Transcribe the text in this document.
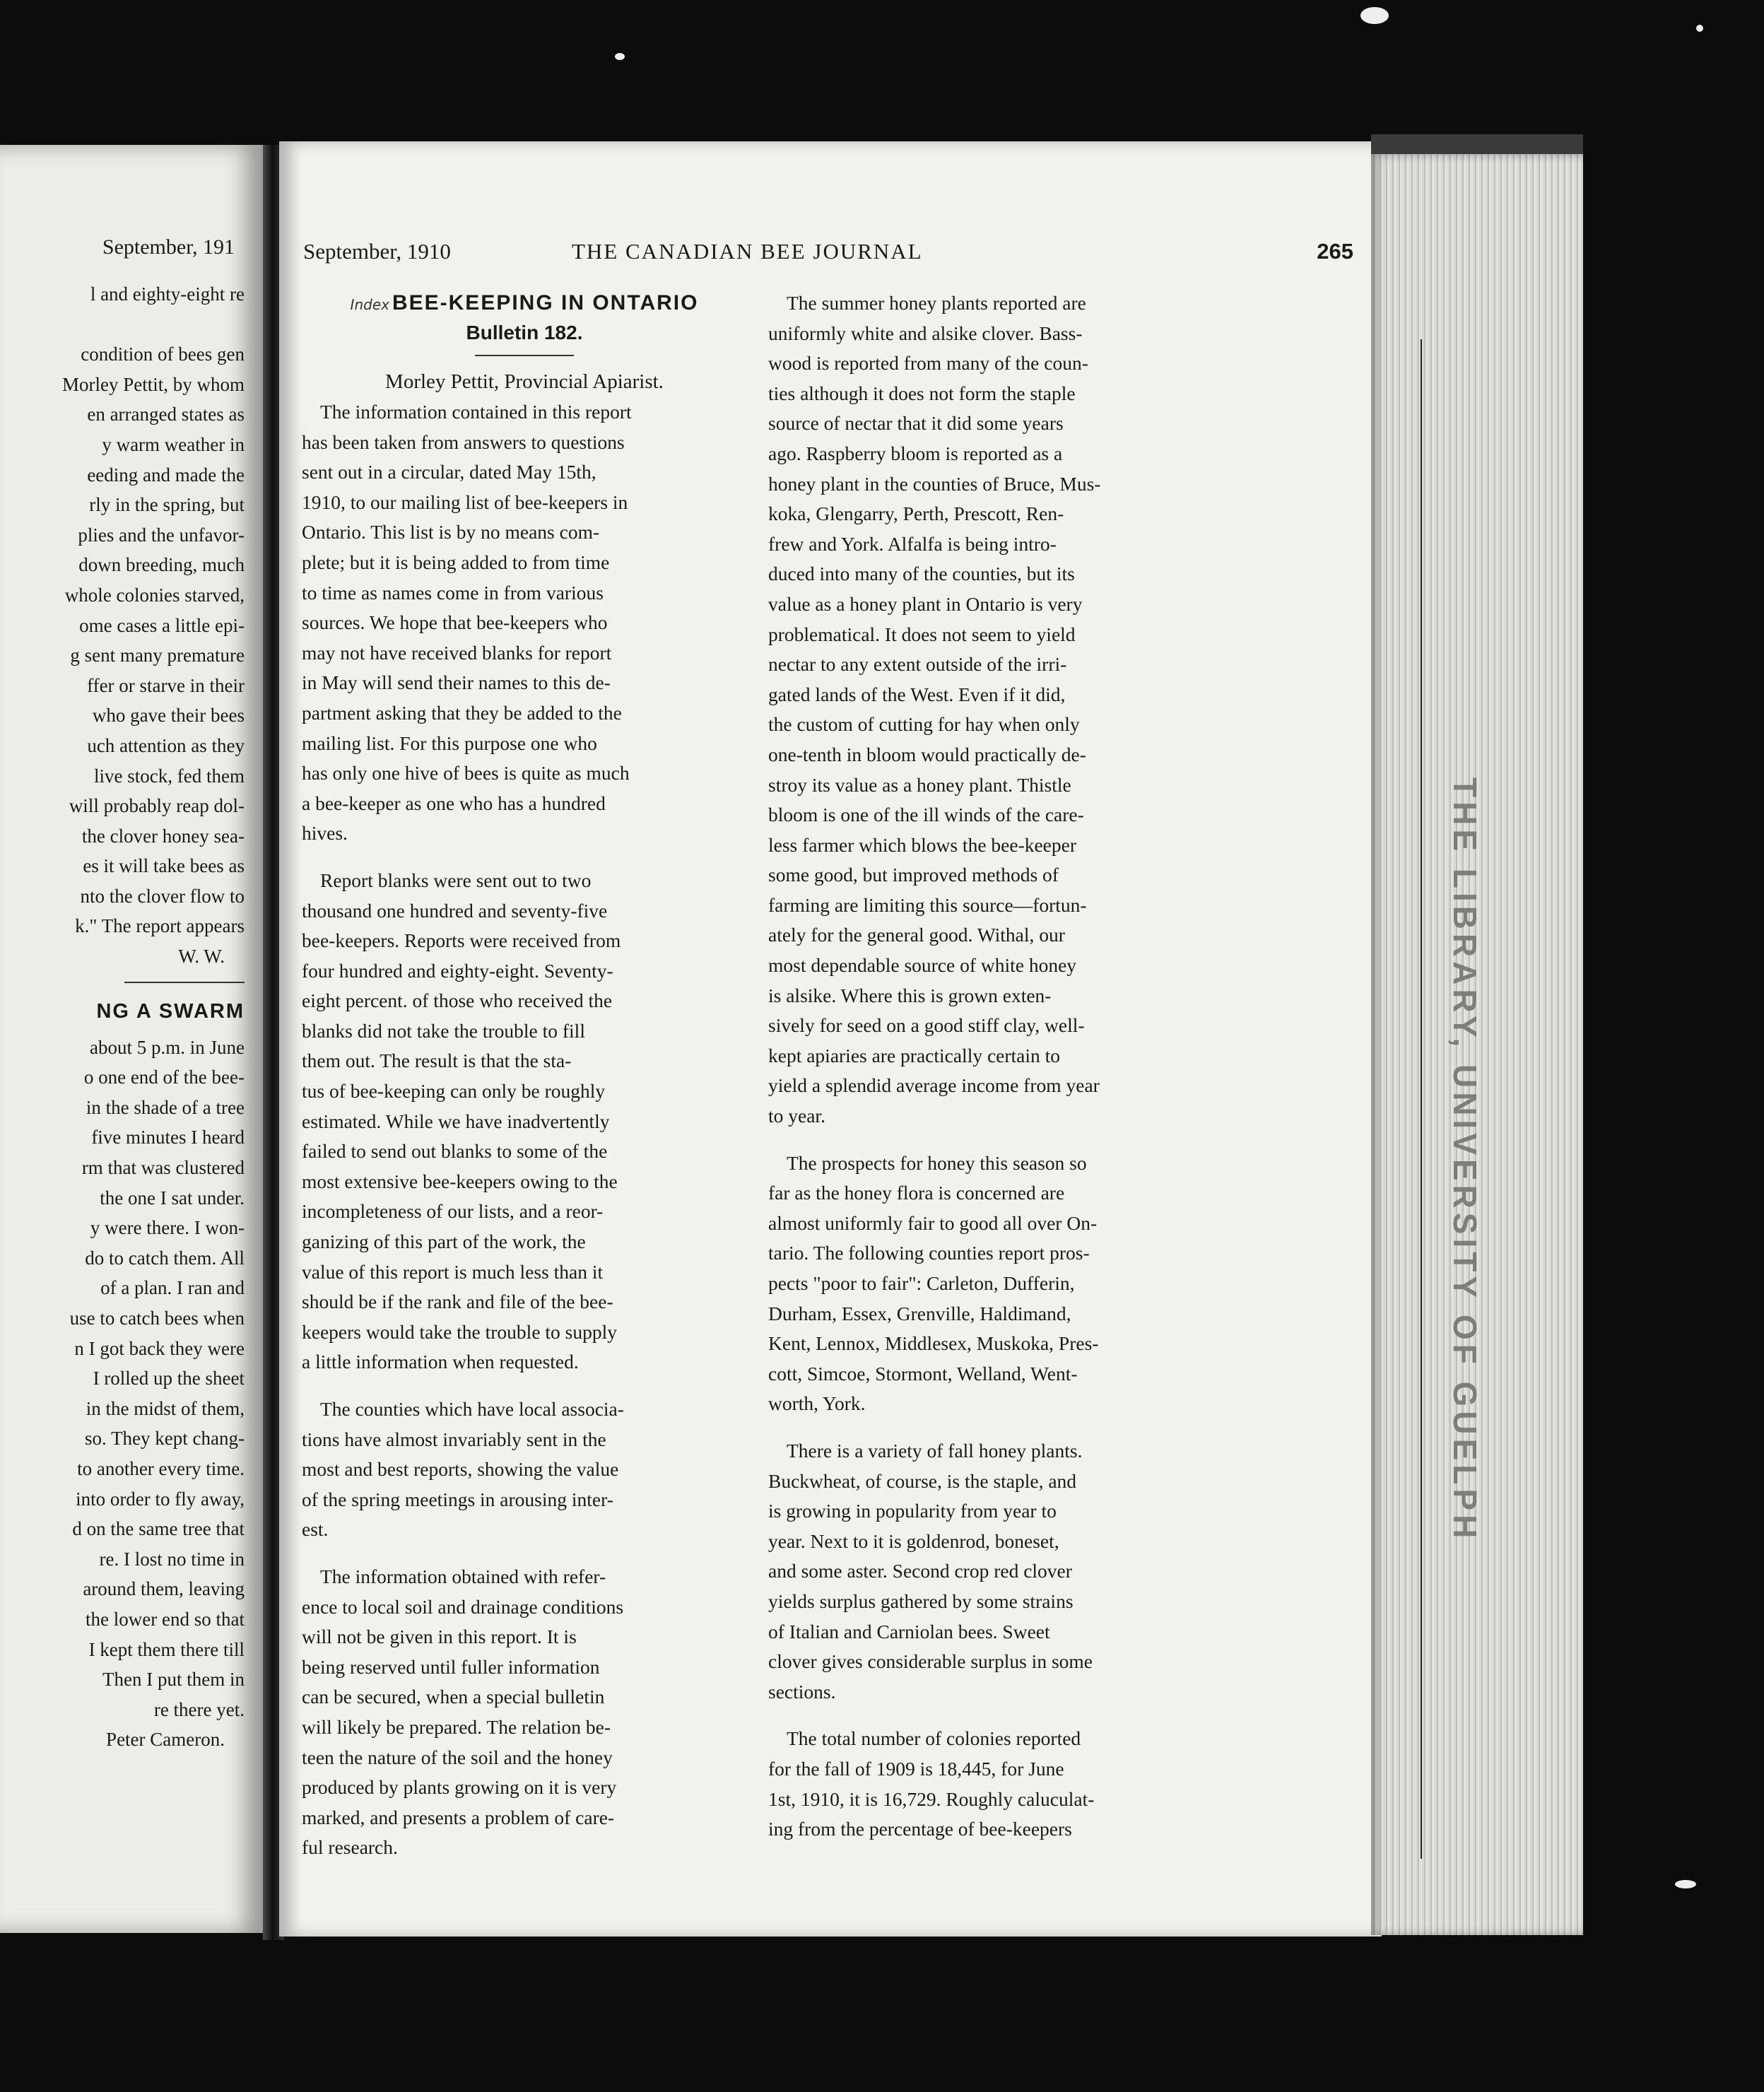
September, 191
l and eighty-eight re
condition of bees gen
Morley Pettit, by whom
en arranged states as
y warm weather in
eeding and made the
rly in the spring, but
plies and the unfavor-
down breeding, much
whole colonies starved,
ome cases a little epi-
g sent many premature
ffer or starve in their
who gave their bees
uch attention as they
live stock, fed them
will probably reap dol-
the clover honey sea-
es it will take bees as
nto the clover flow to
k." The report appears
W. W.
NG A SWARM
about 5 p.m. in June
o one end of the bee-
in the shade of a tree
five minutes I heard
rm that was clustered
the one I sat under.
y were there. I won-
do to catch them. All
of a plan. I ran and
use to catch bees when
n I got back they were
I rolled up the sheet
in the midst of them,
so. They kept chang-
to another every time.
into order to fly away,
d on the same tree that
re. I lost no time in
around them, leaving
the lower end so that
I kept them there till
Then I put them in
re there yet.
Peter Cameron.
September, 1910	THE CANADIAN BEE JOURNAL	265
Index BEE-KEEPING IN ONTARIO
Bulletin 182.
Morley Pettit, Provincial Apiarist.
The information contained in this report
has been taken from answers to questions
sent out in a circular, dated May 15th,
1910, to our mailing list of bee-keepers in
Ontario. This list is by no means com-
plete; but it is being added to from time
to time as names come in from various
sources. We hope that bee-keepers who
may not have received blanks for report
in May will send their names to this de-
partment asking that they be added to the
mailing list. For this purpose one who
has only one hive of bees is quite as much
a bee-keeper as one who has a hundred
hives.
Report blanks were sent out to two
thousand one hundred and seventy-five
bee-keepers. Reports were received from
four hundred and eighty-eight. Seventy-
eight percent. of those who received the
blanks did not take the trouble to fill
them out. The result is that the sta-
tus of bee-keeping can only be roughly
estimated. While we have inadvertently
failed to send out blanks to some of the
most extensive bee-keepers owing to the
incompleteness of our lists, and a reor-
ganizing of this part of the work, the
value of this report is much less than it
should be if the rank and file of the bee-
keepers would take the trouble to supply
a little information when requested.
The counties which have local associa-
tions have almost invariably sent in the
most and best reports, showing the value
of the spring meetings in arousing inter-
est.
The information obtained with refer-
ence to local soil and drainage conditions
will not be given in this report. It is
being reserved until fuller information
can be secured, when a special bulletin
will likely be prepared. The relation be-
teen the nature of the soil and the honey
produced by plants growing on it is very
marked, and presents a problem of care-
ful research.
The summer honey plants reported are
uniformly white and alsike clover. Bass-
wood is reported from many of the coun-
ties although it does not form the staple
source of nectar that it did some years
ago. Raspberry bloom is reported as a
honey plant in the counties of Bruce, Mus-
koka, Glengarry, Perth, Prescott, Ren-
frew and York. Alfalfa is being intro-
duced into many of the counties, but its
value as a honey plant in Ontario is very
problematical. It does not seem to yield
nectar to any extent outside of the irri-
gated lands of the West. Even if it did,
the custom of cutting for hay when only
one-tenth in bloom would practically de-
stroy its value as a honey plant. Thistle
bloom is one of the ill winds of the care-
less farmer which blows the bee-keeper
some good, but improved methods of
farming are limiting this source—fortun-
ately for the general good. Withal, our
most dependable source of white honey
is alsike. Where this is grown exten-
sively for seed on a good stiff clay, well-
kept apiaries are practically certain to
yield a splendid average income from year
to year.
The prospects for honey this season so
far as the honey flora is concerned are
almost uniformly fair to good all over On-
tario. The following counties report pros-
pects "poor to fair": Carleton, Dufferin,
Durham, Essex, Grenville, Haldimand,
Kent, Lennox, Middlesex, Muskoka, Pres-
cott, Simcoe, Stormont, Welland, Went-
worth, York.
There is a variety of fall honey plants.
Buckwheat, of course, is the staple, and
is growing in popularity from year to
year. Next to it is goldenrod, boneset,
and some aster. Second crop red clover
yields surplus gathered by some strains
of Italian and Carniolan bees. Sweet
clover gives considerable surplus in some
sections.
The total number of colonies reported
for the fall of 1909 is 18,445, for June
1st, 1910, it is 16,729. Roughly caluculat-
ing from the percentage of bee-keepers
THE LIBRARY, UNIVERSITY OF GUELPH
